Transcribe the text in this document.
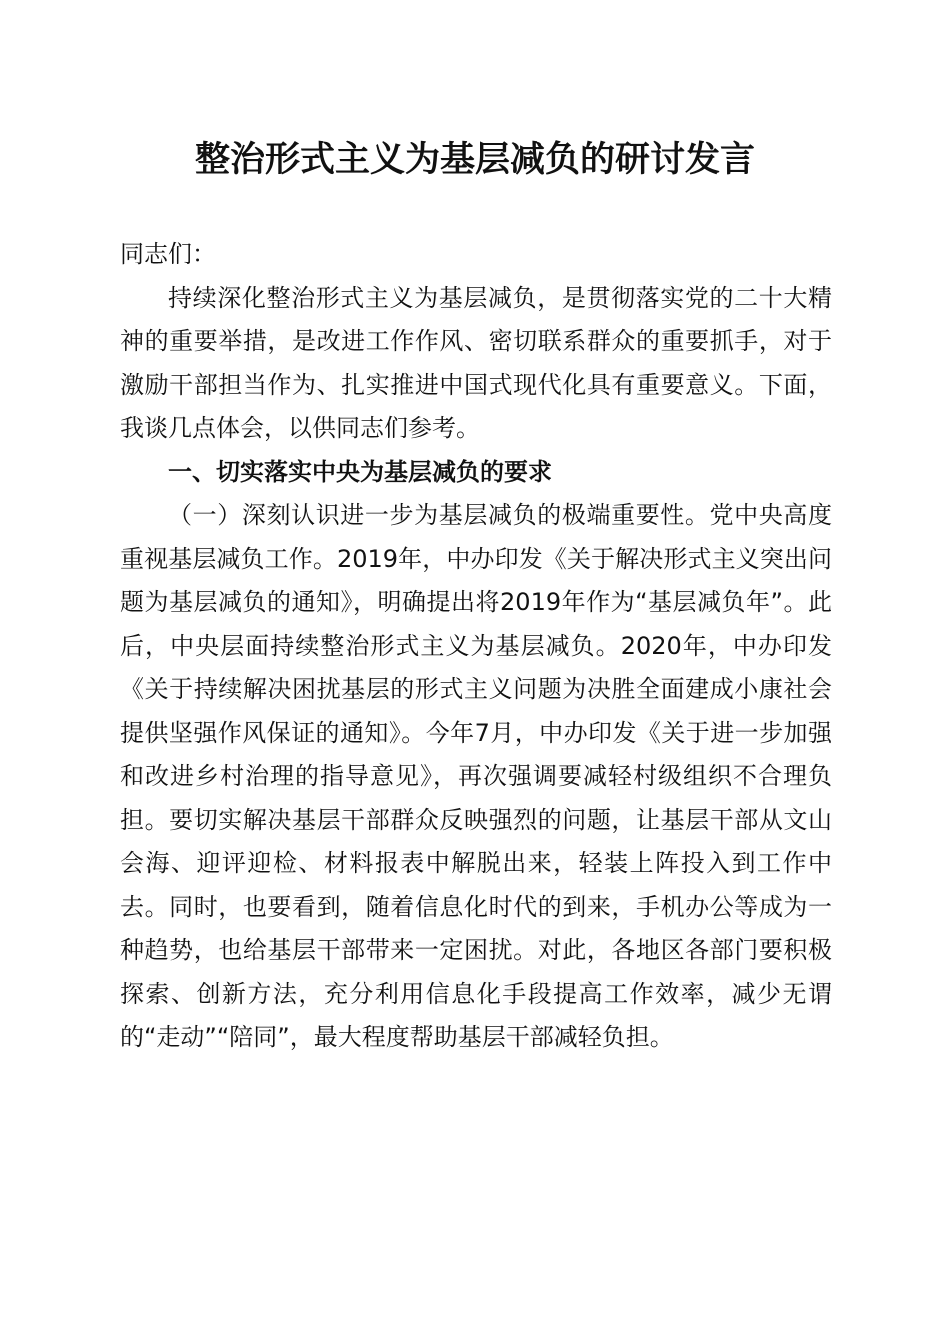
整治形式主义为基层减负的研讨发言

同志们：

持续深化整治形式主义为基层减负，是贯彻落实党的二十大精神的重要举措，是改进工作作风、密切联系群众的重要抓手，对于激励干部担当作为、扎实推进中国式现代化具有重要意义。下面，我谈几点体会，以供同志们参考。

一、切实落实中央为基层减负的要求

（一）深刻认识进一步为基层减负的极端重要性。党中央高度重视基层减负工作。2019年，中办印发《关于解决形式主义突出问题为基层减负的通知》，明确提出将2019年作为“基层减负年”。此后，中央层面持续整治形式主义为基层减负。2020年，中办印发《关于持续解决困扰基层的形式主义问题为决胜全面建成小康社会提供坚强作风保证的通知》。今年7月，中办印发《关于进一步加强和改进乡村治理的指导意见》，再次强调要减轻村级组织不合理负担。要切实解决基层干部群众反映强烈的问题，让基层干部从文山会海、迎评迎检、材料报表中解脱出来，轻装上阵投入到工作中去。同时，也要看到，随着信息化时代的到来，手机办公等成为一种趋势，也给基层干部带来一定困扰。对此，各地区各部门要积极探索、创新方法，充分利用信息化手段提高工作效率，减少无谓的“走动”“陪同”，最大程度帮助基层干部减轻负担。
